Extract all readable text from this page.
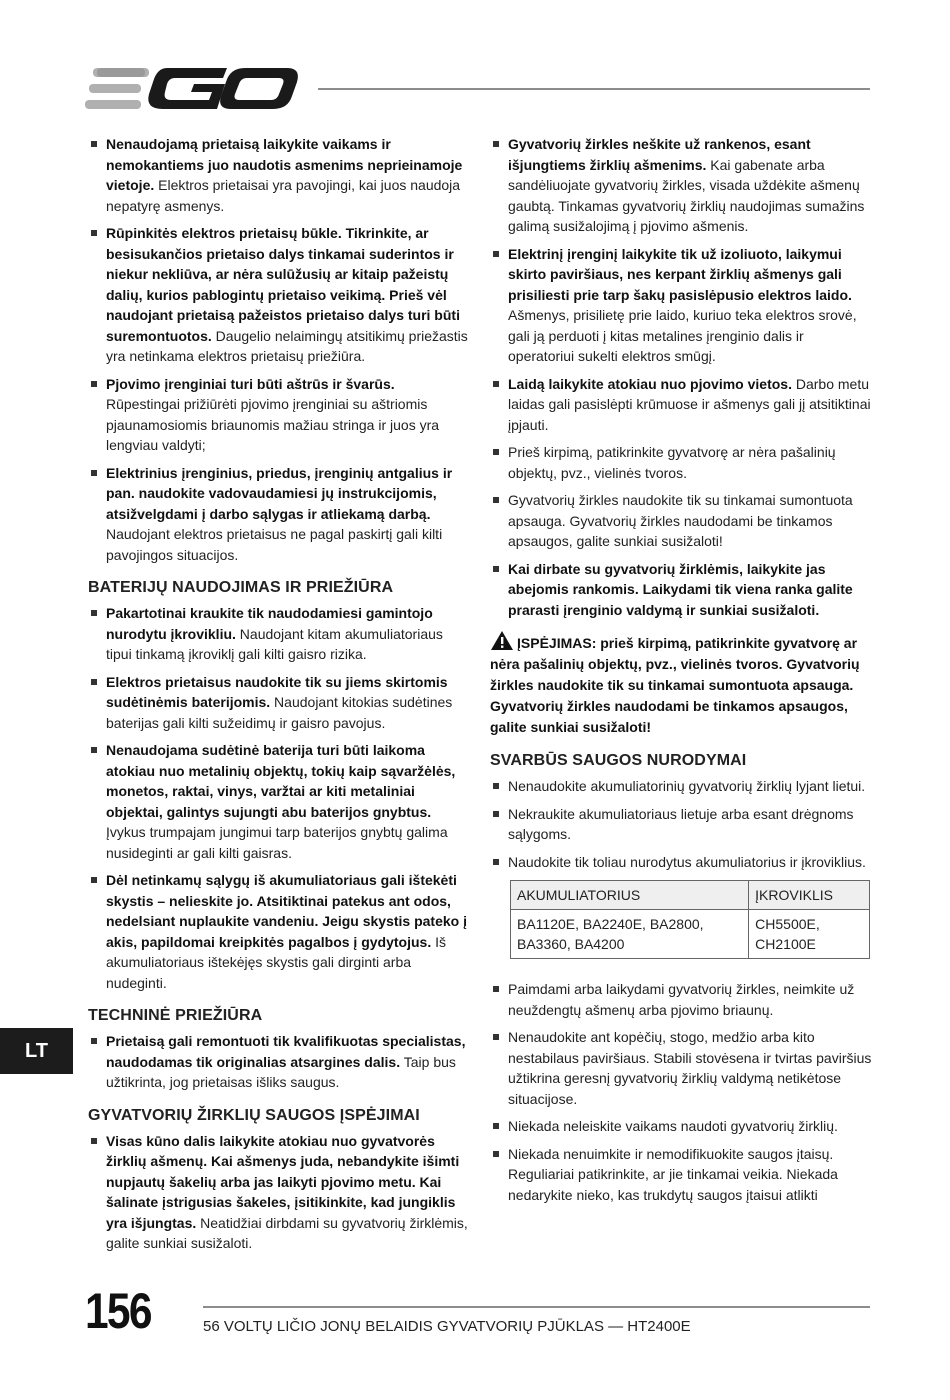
Nenaudojamą prietaisą laikykite vaikams ir nemokantiems juo naudotis asmenims neprieinamoje vietoje. Elektros prietaisai yra pavojingi, kai juos naudoja nepatyrę asmenys.
Rūpinkitės elektros prietaisų būkle. Tikrinkite, ar besisukančios prietaiso dalys tinkamai suderintos ir niekur nekliūva, ar nėra sulūžusių ar kitaip pažeistų dalių, kurios pablogintų prietaiso veikimą. Prieš vėl naudojant prietaisą pažeistos prietaiso dalys turi būti suremontuotos. Daugelio nelaimingų atsitikimų priežastis yra netinkama elektros prietaisų priežiūra.
Pjovimo įrenginiai turi būti aštrūs ir švarūs. Rūpestingai prižiūrėti pjovimo įrenginiai su aštriomis pjaunamosiomis briaunomis mažiau stringa ir juos yra lengviau valdyti;
Elektrinius įrenginius, priedus, įrenginių antgalius ir pan. naudokite vadovaudamiesi jų instrukcijomis, atsižvelgdami į darbo sąlygas ir atliekamą darbą. Naudojant elektros prietaisus ne pagal paskirtį gali kilti pavojingos situacijos.
BATERIJŲ NAUDOJIMAS IR PRIEŽIŪRA
Pakartotinai kraukite tik naudodamiesi gamintojo nurodytu įkrovikliu. Naudojant kitam akumuliatoriaus tipui tinkamą įkroviklį gali kilti gaisro rizika.
Elektros prietaisus naudokite tik su jiems skirtomis sudėtinėmis baterijomis. Naudojant kitokias sudėtines baterijas gali kilti sužeidimų ir gaisro pavojus.
Nenaudojama sudėtinė baterija turi būti laikoma atokiau nuo metalinių objektų, tokių kaip sąvaržėlės, monetos, raktai, vinys, varžtai ar kiti metaliniai objektai, galintys sujungti abu baterijos gnybtus. Įvykus trumpajam jungimui tarp baterijos gnybtų galima nusideginti ar gali kilti gaisras.
Dėl netinkamų sąlygų iš akumuliatoriaus gali ištekėti skystis – nelieskite jo. Atsitiktinai patekus ant odos, nedelsiant nuplaukite vandeniu. Jeigu skystis pateko į akis, papildomai kreipkitės pagalbos į gydytojus. Iš akumuliatoriaus ištekėjęs skystis gali dirginti arba nudeginti.
TECHNINĖ PRIEŽIŪRA
Prietaisą gali remontuoti tik kvalifikuotas specialistas, naudodamas tik originalias atsargines dalis. Taip bus užtikrinta, jog prietaisas išliks saugus.
GYVATVORIŲ ŽIRKLIŲ SAUGOS ĮSPĖJIMAI
Visas kūno dalis laikykite atokiau nuo gyvatvorės žirklių ašmenų. Kai ašmenys juda, nebandykite išimti nupjautų šakelių arba jas laikyti pjovimo metu. Kai šalinate įstrigusias šakeles, įsitikinkite, kad jungiklis yra išjungtas. Neatidžiai dirbdami su gyvatvorių žirklėmis, galite sunkiai susižaloti.
Gyvatvorių žirkles neškite už rankenos, esant išjungtiems žirklių ašmenims. Kai gabenate arba sandėliuojate gyvatvorių žirkles, visada uždėkite ašmenų gaubtą. Tinkamas gyvatvorių žirklių naudojimas sumažins galimą susižalojimą į pjovimo ašmenis.
Elektrinį įrenginį laikykite tik už izoliuoto, laikymui skirto paviršiaus, nes kerpant žirklių ašmenys gali prisiliesti prie tarp šakų pasislėpusio elektros laido. Ašmenys, prisilietę prie laido, kuriuo teka elektros srovė, gali ją perduoti į kitas metalines įrenginio dalis ir operatoriui sukelti elektros smūgį.
Laidą laikykite atokiau nuo pjovimo vietos. Darbo metu laidas gali pasislėpti krūmuose ir ašmenys gali jį atsitiktinai įpjauti.
Prieš kirpimą, patikrinkite gyvatvorę ar nėra pašalinių objektų, pvz., vielinės tvoros.
Gyvatvorių žirkles naudokite tik su tinkamai sumontuota apsauga. Gyvatvorių žirkles naudodami be tinkamos apsaugos, galite sunkiai susižaloti!
Kai dirbate su gyvatvorių žirklėmis, laikykite jas abejomis rankomis. Laikydami tik viena ranka galite prarasti įrenginio valdymą ir sunkiai susižaloti.
ĮSPĖJIMAS: prieš kirpimą, patikrinkite gyvatvorę ar nėra pašalinių objektų, pvz., vielinės tvoros. Gyvatvorių žirkles naudokite tik su tinkamai sumontuota apsauga. Gyvatvorių žirkles naudodami be tinkamos apsaugos, galite sunkiai susižaloti!
SVARBŪS SAUGOS NURODYMAI
Nenaudokite akumuliatorinių gyvatvorių žirklių lyjant lietui.
Nekraukite akumuliatoriaus lietuje arba esant drėgnoms sąlygoms.
Naudokite tik toliau nurodytus akumuliatorius ir įkroviklius.
AKUMULIATORIUS	ĮKROVIKLIS
BA1120E, BA2240E, BA2800, BA3360, BA4200	CH5500E, CH2100E
Paimdami arba laikydami gyvatvorių žirkles, neimkite už neuždengtų ašmenų arba pjovimo briaunų.
Nenaudokite ant kopėčių, stogo, medžio arba kito nestabilaus paviršiaus. Stabili stovėsena ir tvirtas paviršius užtikrina geresnį gyvatvorių žirklių valdymą netikėtose situacijose.
Niekada neleiskite vaikams naudoti gyvatvorių žirklių.
Niekada nenuimkite ir nemodifikuokite saugos įtaisų. Reguliariai patikrinkite, ar jie tinkamai veikia. Niekada nedarykite nieko, kas trukdytų saugos įtaisui atlikti
LT
156	56 VOLTŲ LIČIO JONŲ BELAIDIS GYVATVORIŲ PJŪKLAS — HT2400E
